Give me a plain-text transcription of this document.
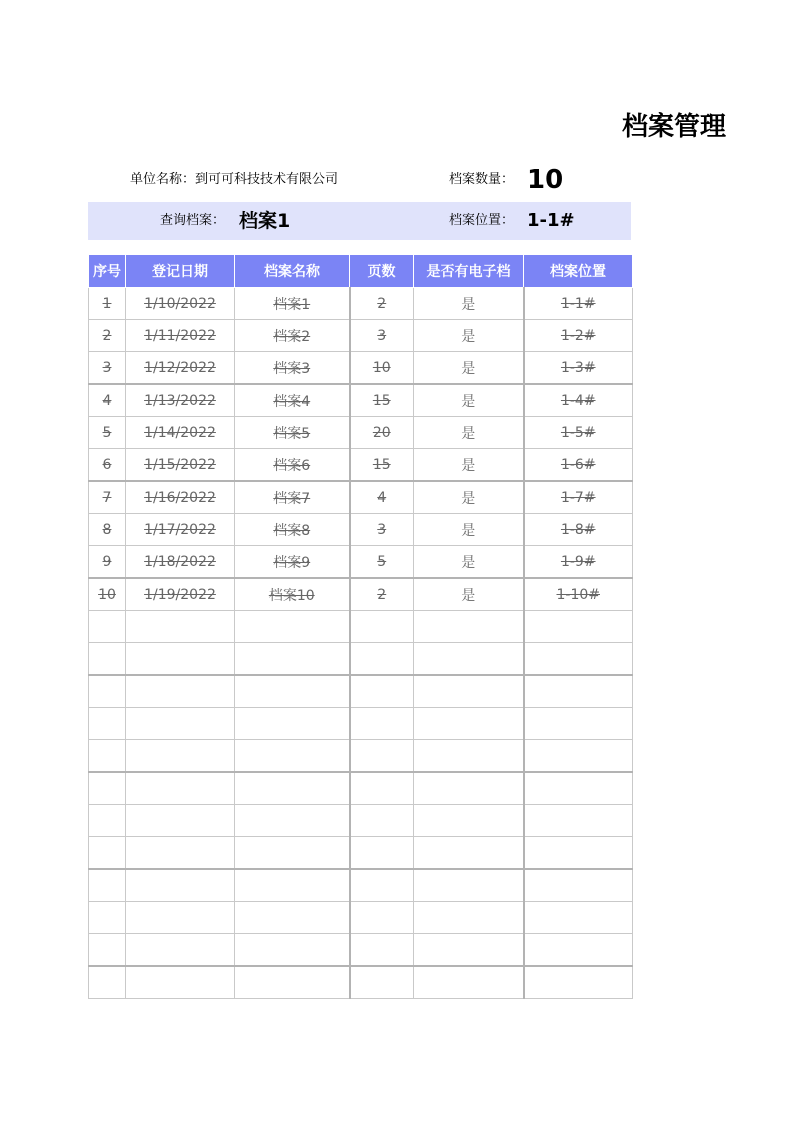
档案管理
单位名称：到可可科技技术有限公司	档案数量： 10
查询档案： 档案1	档案位置： 1-1#
序号	登记日期	档案名称	页数	是否有电子档	档案位置
1	1/10/2022	档案1	2	是	1-1#
2	1/11/2022	档案2	3	是	1-2#
3	1/12/2022	档案3	10	是	1-3#
4	1/13/2022	档案4	15	是	1-4#
5	1/14/2022	档案5	20	是	1-5#
6	1/15/2022	档案6	15	是	1-6#
7	1/16/2022	档案7	4	是	1-7#
8	1/17/2022	档案8	3	是	1-8#
9	1/18/2022	档案9	5	是	1-9#
10	1/19/2022	档案10	2	是	1-10#
